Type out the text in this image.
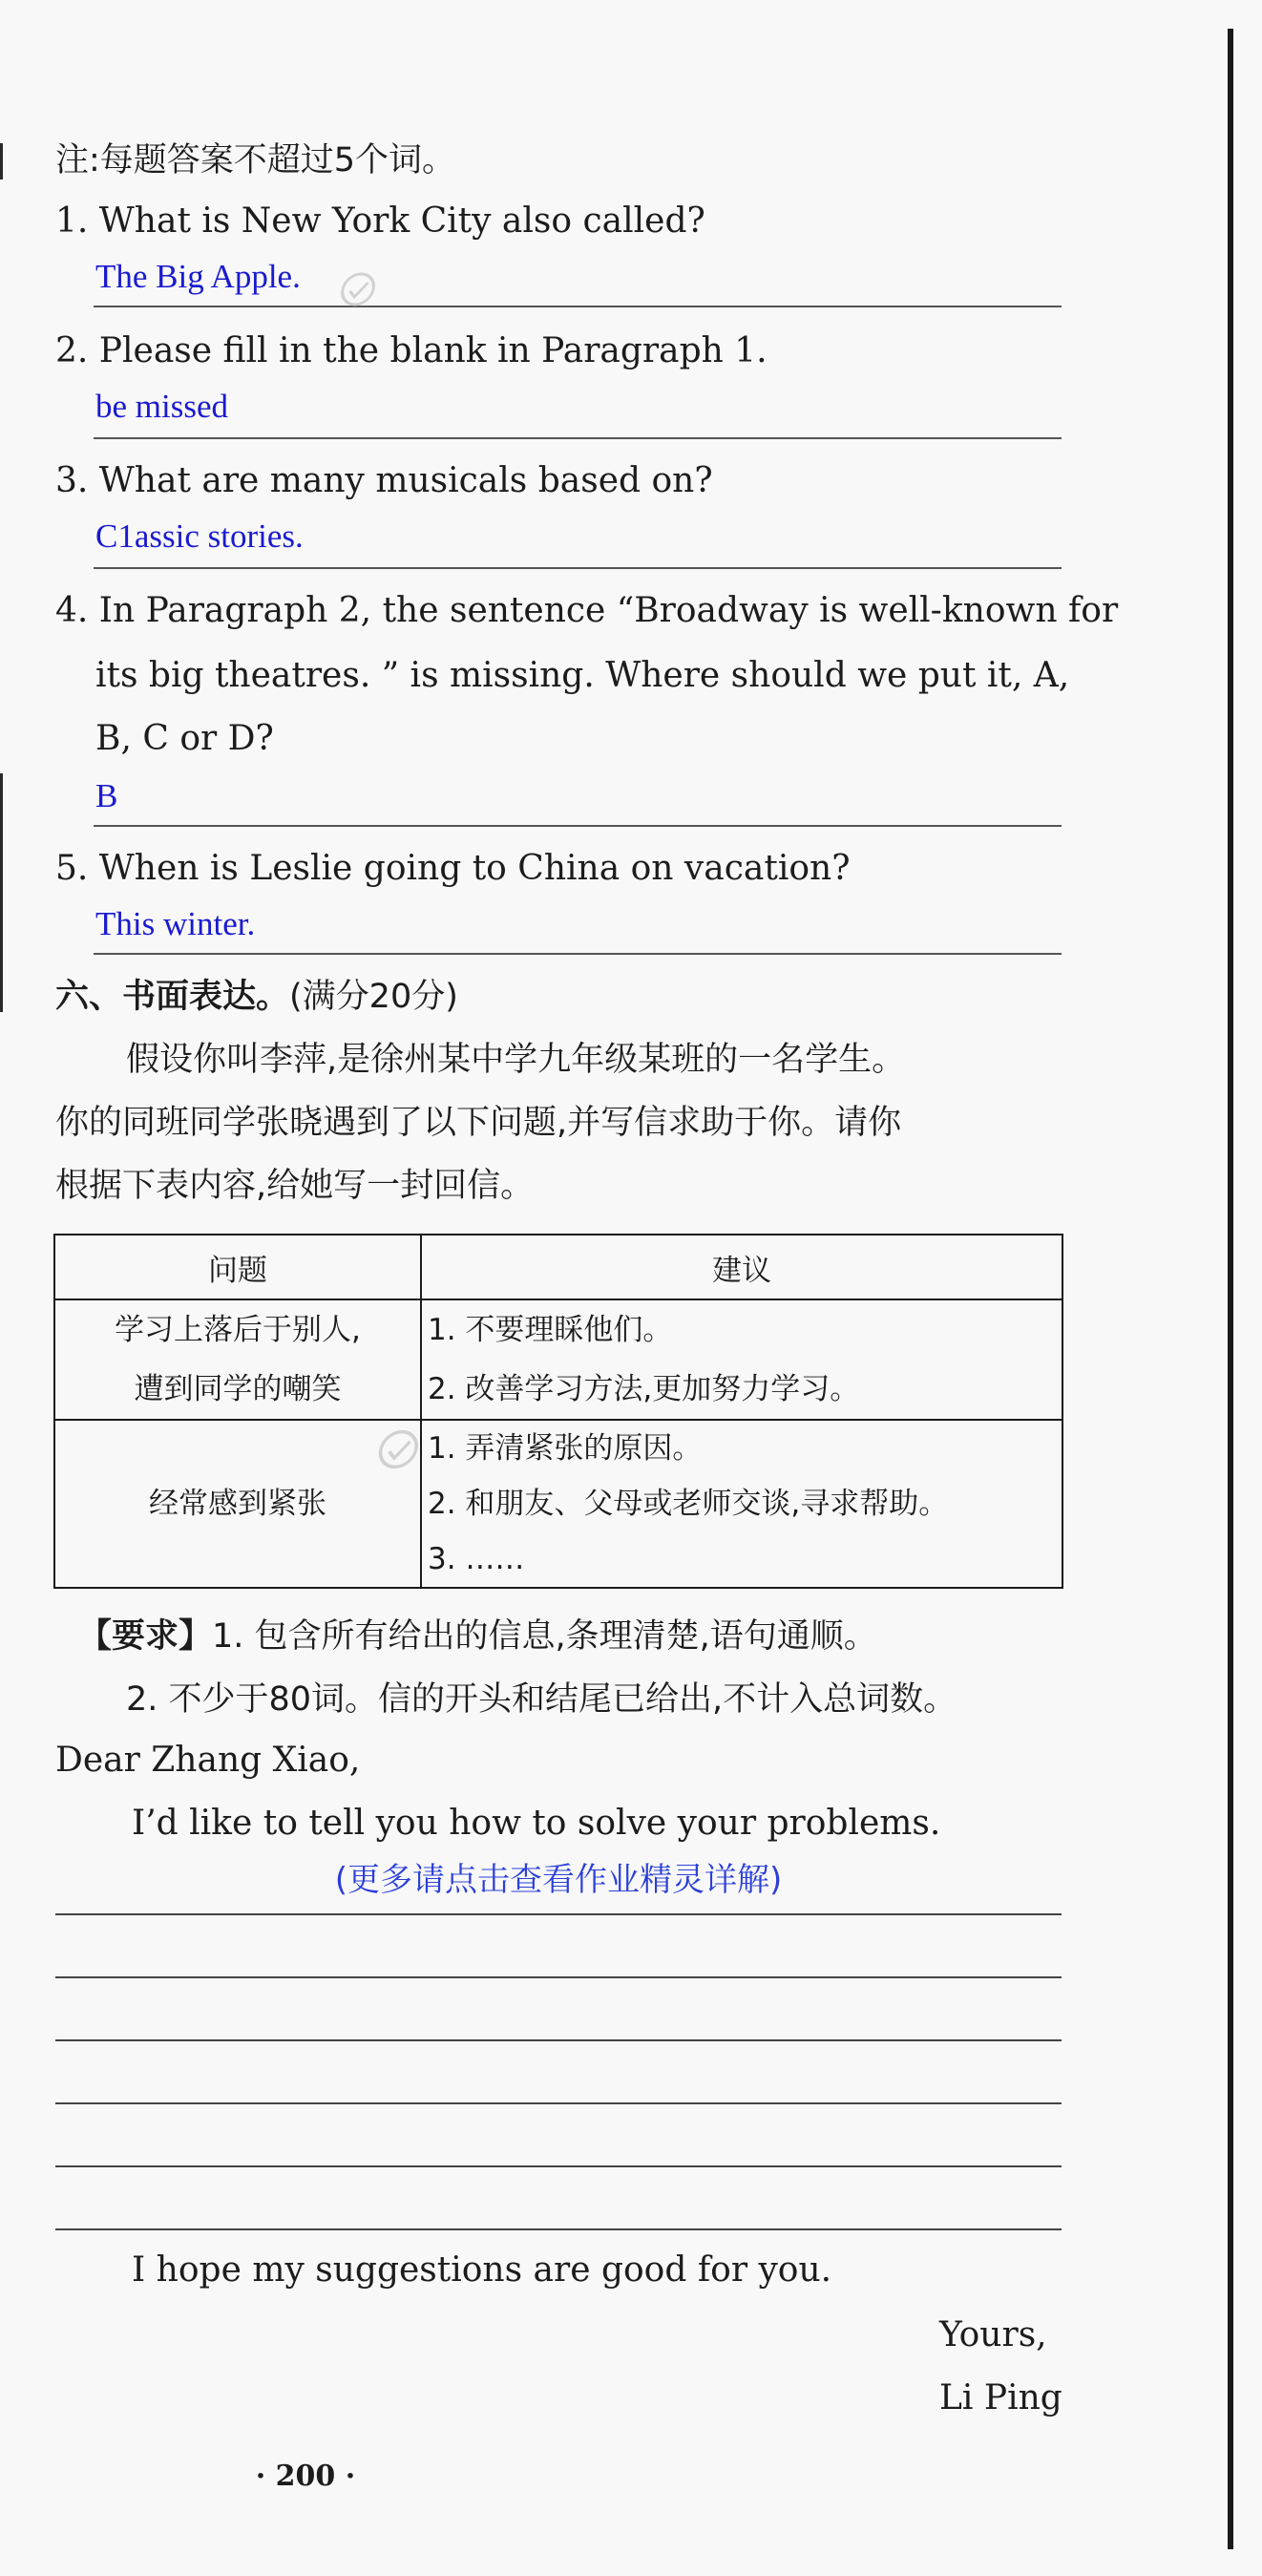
注:每题答案不超过5个词。
1. What is New York City also called?
The Big Apple.
2. Please fill in the blank in Paragraph 1.
be missed
3. What are many musicals based on?
C1assic stories.
4. In Paragraph 2, the sentence “Broadway is well-known for
its big theatres. ” is missing. Where should we put it, A,
B, C or D?
B
5. When is Leslie going to China on vacation?
This winter.
六、书面表达。(满分20分)
假设你叫李萍,是徐州某中学九年级某班的一名学生。
你的同班同学张晓遇到了以下问题,并写信求助于你。请你
根据下表内容,给她写一封回信。
问题	建议

学习上落后于别人,
遭到同学的嘲笑	1. 不要理睬他们。
2. 改善学习方法,更加努力学习。

经常感到紧张	1. 弄清紧张的原因。
2. 和朋友、父母或老师交谈,寻求帮助。
3. ……
【要求】1. 包含所有给出的信息,条理清楚,语句通顺。
2. 不少于80词。信的开头和结尾已给出,不计入总词数。
Dear Zhang Xiao,
I’d like to tell you how to solve your problems.
(更多请点击查看作业精灵详解)
I hope my suggestions are good for you.
Yours,
Li Ping
· 200 ·
